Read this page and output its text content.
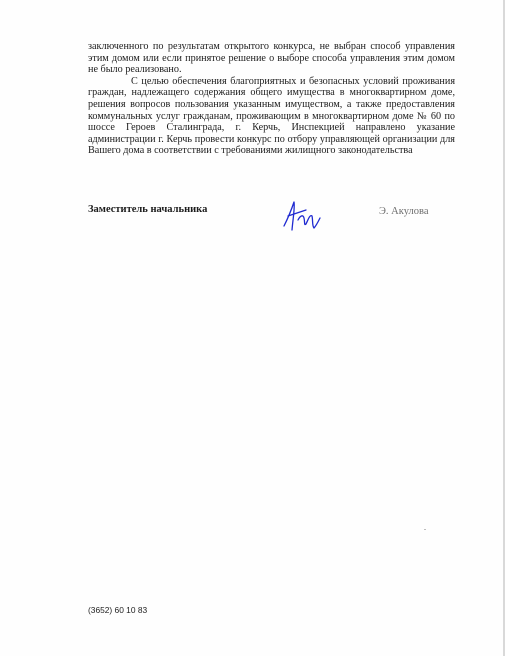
заключенного по результатам открытого конкурса, не выбран способ управления этим домом или если принятое решение о выборе способа управления этим домом не было реализовано.

С целью обеспечения благоприятных и безопасных условий проживания граждан, надлежащего содержания общего имущества в многоквартирном доме, решения вопросов пользования указанным имуществом, а также предоставления коммунальных услуг гражданам, проживающим в многоквартирном доме № 60 по шоссе Героев Сталинграда, г. Керчь, Инспекцией направлено указание администрации г. Керчь провести конкурс по отбору управляющей организации для Вашего дома в соответствии с требованиями жилищного законодательства

Заместитель начальника	Э. Акулова
(3652) 60 10 83
